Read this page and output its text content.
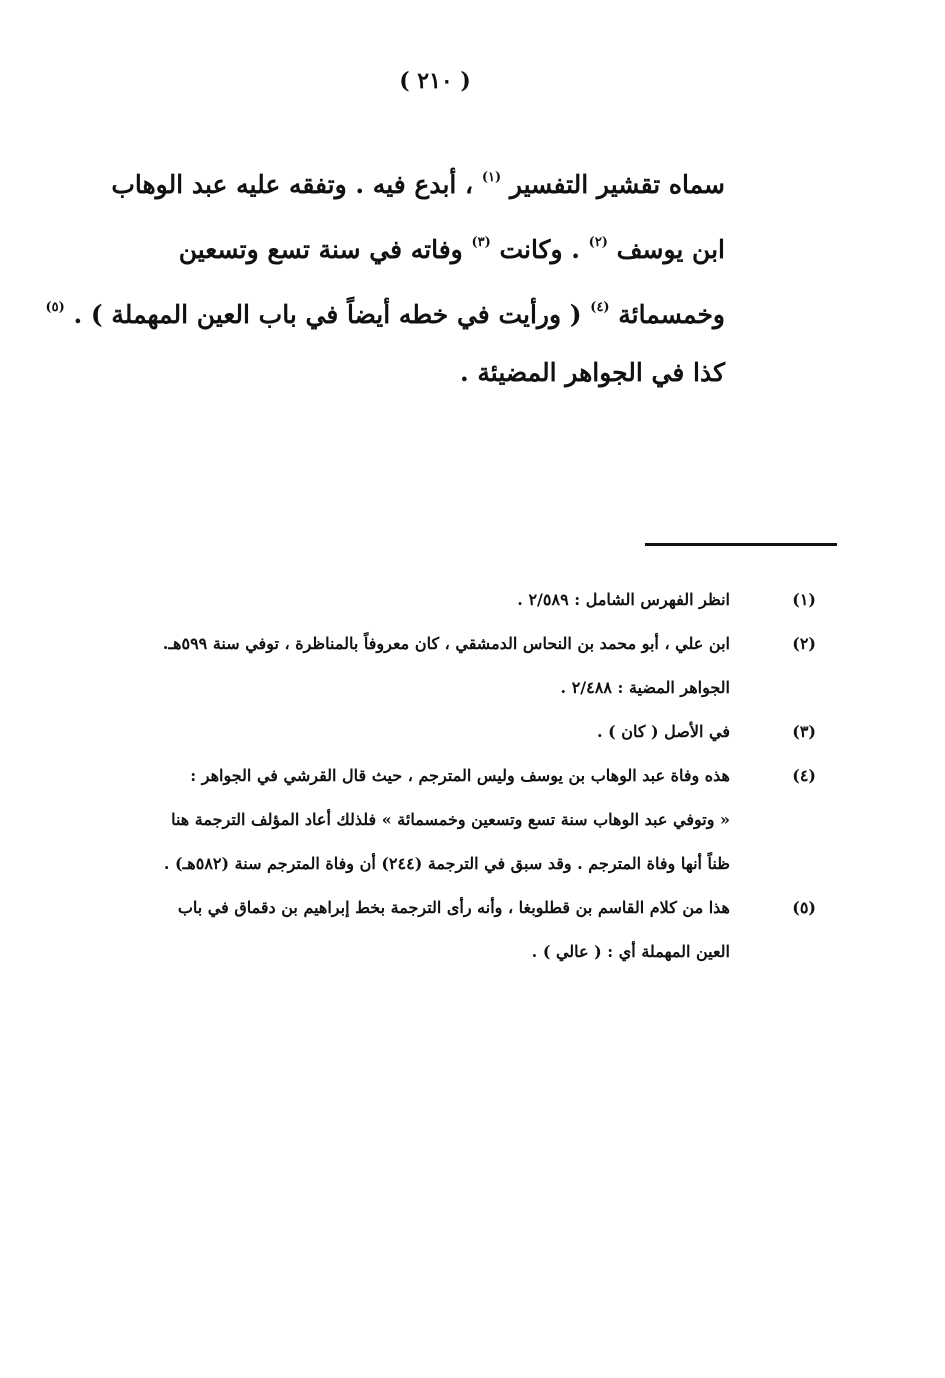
( ٢١٠ )
سماه تقشير التفسير $^{(١)}$ ، أبدع فيه . وتفقه عليه عبد الوهاب
ابن يوسف $^{(٢)}$ . وكانت $^{(٣)}$ وفاته في سنة تسع وتسعين
وخمسمائة $^{(٤)}$ ( ورأيت في خطه أيضاً في باب العين المهملة ) . $^{(٥)}$
كذا في الجواهر المضيئة .
(١)
انظر الفهرس الشامل : ٢/٥٨٩ .
(٢)
ابن علي ، أبو محمد بن النحاس الدمشقي ، كان معروفاً بالمناظرة ، توفي سنة ٥٩٩هـ.
الجواهر المضية : ٢/٤٨٨ .
(٣)
في الأصل ( كان ) .
(٤)
هذه وفاة عبد الوهاب بن يوسف وليس المترجم ، حيث قال القرشي في الجواهر :
« وتوفي عبد الوهاب سنة تسع وتسعين وخمسمائة » فلذلك أعاد المؤلف الترجمة هنا
ظناً أنها وفاة المترجم . وقد سبق في الترجمة (٢٤٤) أن وفاة المترجم سنة (٥٨٢هـ) .
(٥)
هذا من كلام القاسم بن قطلوبغا ، وأنه رأى الترجمة بخط إبراهيم بن دقماق في باب
العين المهملة أي : ( عالي ) .
